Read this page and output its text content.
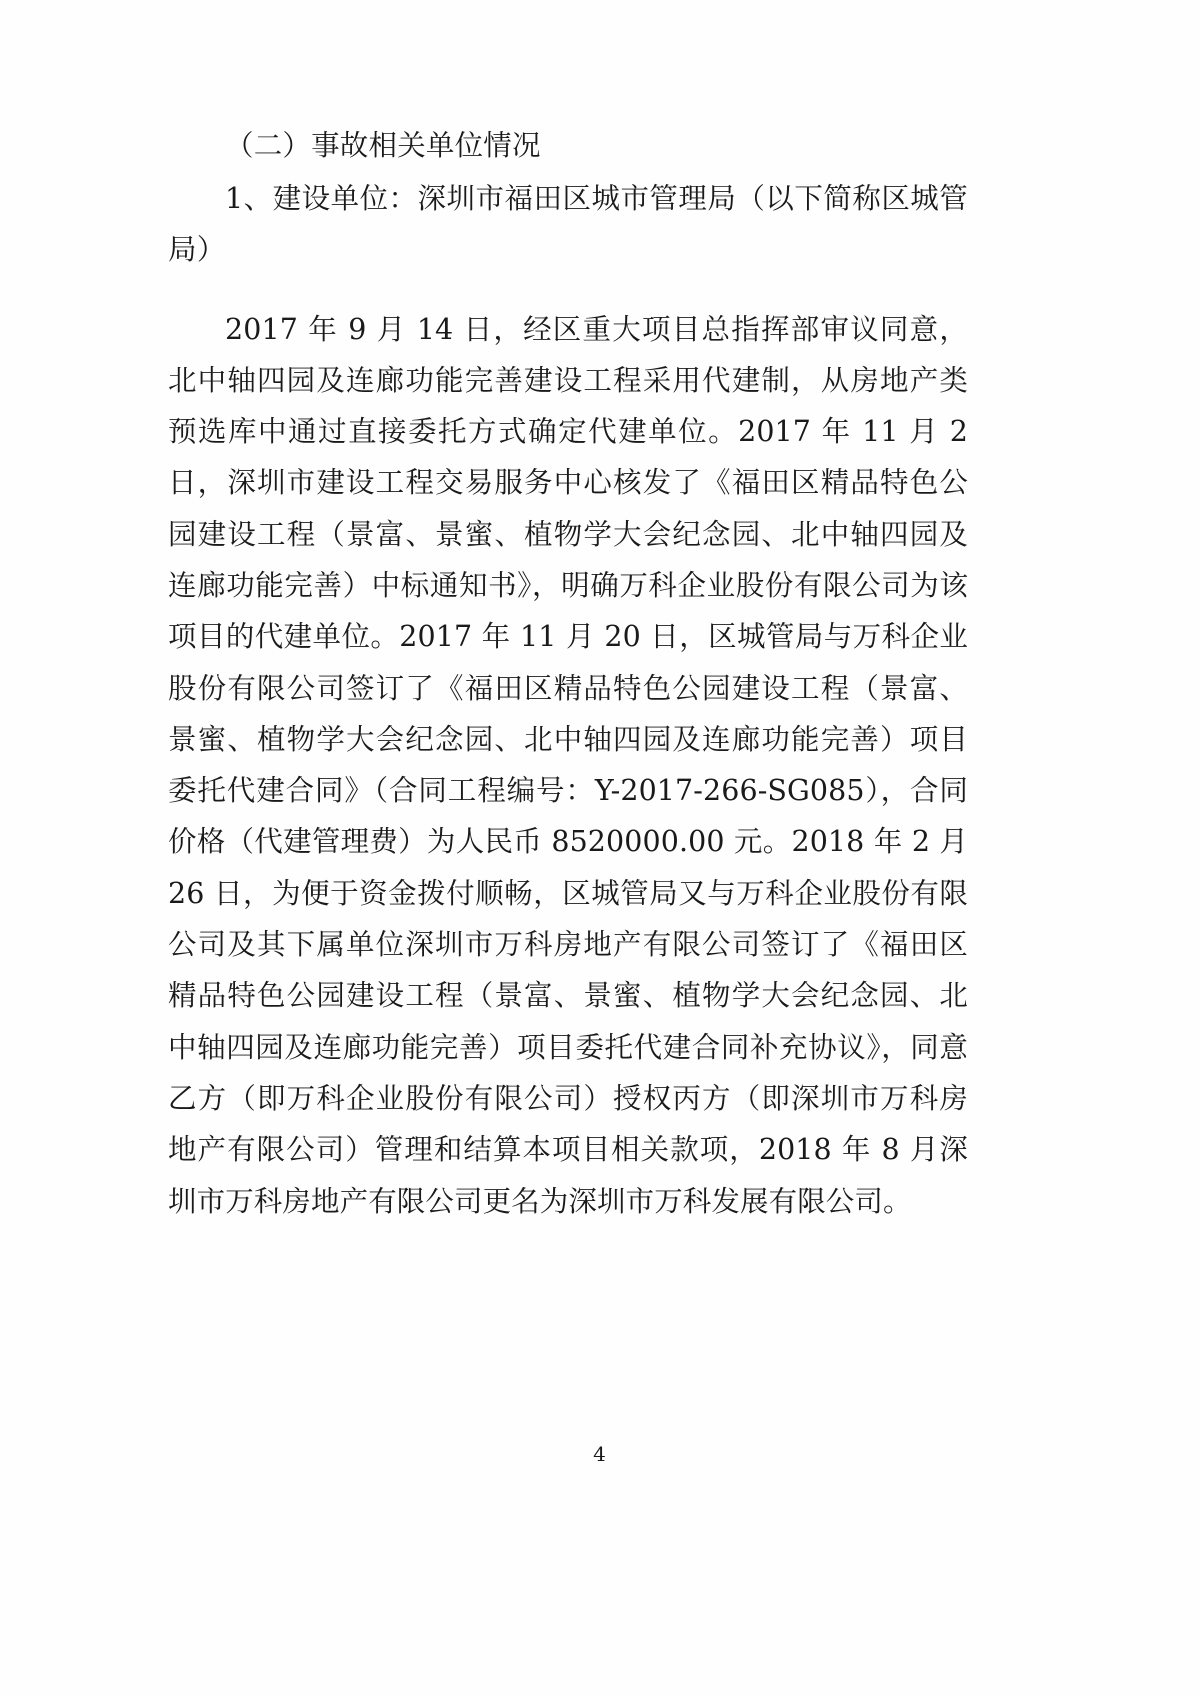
（二）事故相关单位情况

1、建设单位：深圳市福田区城市管理局（以下简称区城管局）

2017 年 9 月 14 日，经区重大项目总指挥部审议同意，北中轴四园及连廊功能完善建设工程采用代建制，从房地产类预选库中通过直接委托方式确定代建单位。2017 年 11 月 2 日，深圳市建设工程交易服务中心核发了《福田区精品特色公园建设工程（景富、景蜜、植物学大会纪念园、北中轴四园及连廊功能完善）中标通知书》，明确万科企业股份有限公司为该项目的代建单位。2017 年 11 月 20 日，区城管局与万科企业股份有限公司签订了《福田区精品特色公园建设工程（景富、景蜜、植物学大会纪念园、北中轴四园及连廊功能完善）项目委托代建合同》（合同工程编号：Y-2017-266-SG085），合同价格（代建管理费）为人民币 8520000.00 元。2018 年 2 月 26 日，为便于资金拨付顺畅，区城管局又与万科企业股份有限公司及其下属单位深圳市万科房地产有限公司签订了《福田区精品特色公园建设工程（景富、景蜜、植物学大会纪念园、北中轴四园及连廊功能完善）项目委托代建合同补充协议》，同意乙方（即万科企业股份有限公司）授权丙方（即深圳市万科房地产有限公司）管理和结算本项目相关款项，2018 年 8 月深圳市万科房地产有限公司更名为深圳市万科发展有限公司。

4
